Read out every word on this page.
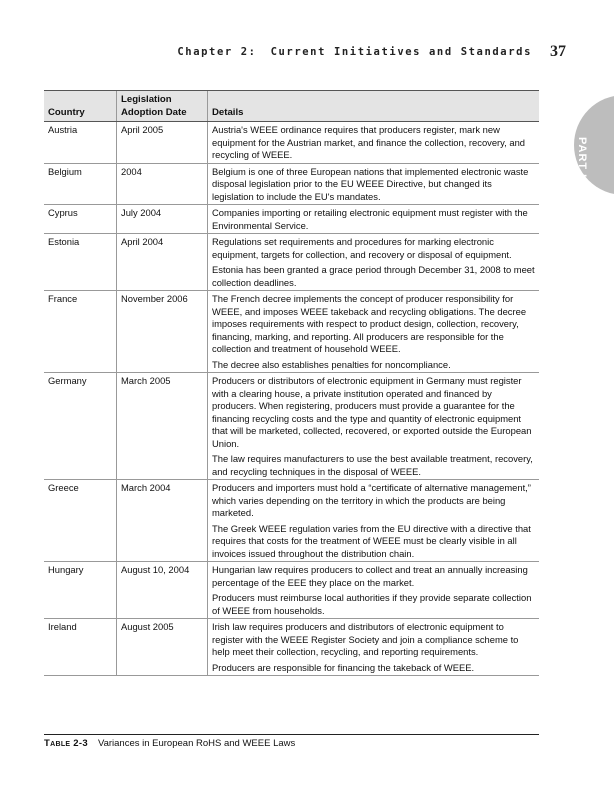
Chapter 2: Current Initiatives and Standards 37
PART I
Country	Legislation Adoption Date	Details
Austria	April 2005	Austria's WEEE ordinance requires that producers register, mark new equipment for the Austrian market, and finance the collection, recovery, and recycling of WEEE.

Belgium	2004	Belgium is one of three European nations that implemented electronic waste disposal legislation prior to the EU WEEE Directive, but changed its legislation to include the EU's mandates.

Cyprus	July 2004	Companies importing or retailing electronic equipment must register with the Environmental Service.

Estonia	April 2004	Regulations set requirements and procedures for marking electronic equipment, targets for collection, and recovery or disposal of equipment.

Estonia has been granted a grace period through December 31, 2008 to meet collection deadlines.

France	November 2006	The French decree implements the concept of producer responsibility for WEEE, and imposes WEEE takeback and recycling obligations. The decree imposes requirements with respect to product design, collection, recovery, financing, marking, and reporting. All producers are responsible for the collection and treatment of household WEEE.

The decree also establishes penalties for noncompliance.

Germany	March 2005	Producers or distributors of electronic equipment in Germany must register with a clearing house, a private institution operated and financed by producers. When registering, producers must provide a guarantee for the financing recycling costs and the type and quantity of electronic equipment that will be marketed, collected, recovered, or exported outside the European Union.

The law requires manufacturers to use the best available treatment, recovery, and recycling techniques in the disposal of WEEE.

Greece	March 2004	Producers and importers must hold a “certificate of alternative management,” which varies depending on the territory in which the products are being marketed.

The Greek WEEE regulation varies from the EU directive with a directive that requires that costs for the treatment of WEEE must be clearly visible in all invoices issued throughout the distribution chain.

Hungary	August 10, 2004	Hungarian law requires producers to collect and treat an annually increasing percentage of the EEE they place on the market.

Producers must reimburse local authorities if they provide separate collection of WEEE from households.

Ireland	August 2005	Irish law requires producers and distributors of electronic equipment to register with the WEEE Register Society and join a compliance scheme to help meet their collection, recycling, and reporting requirements.

Producers are responsible for financing the takeback of WEEE.

Table 2-3 Variances in European RoHS and WEEE Laws
